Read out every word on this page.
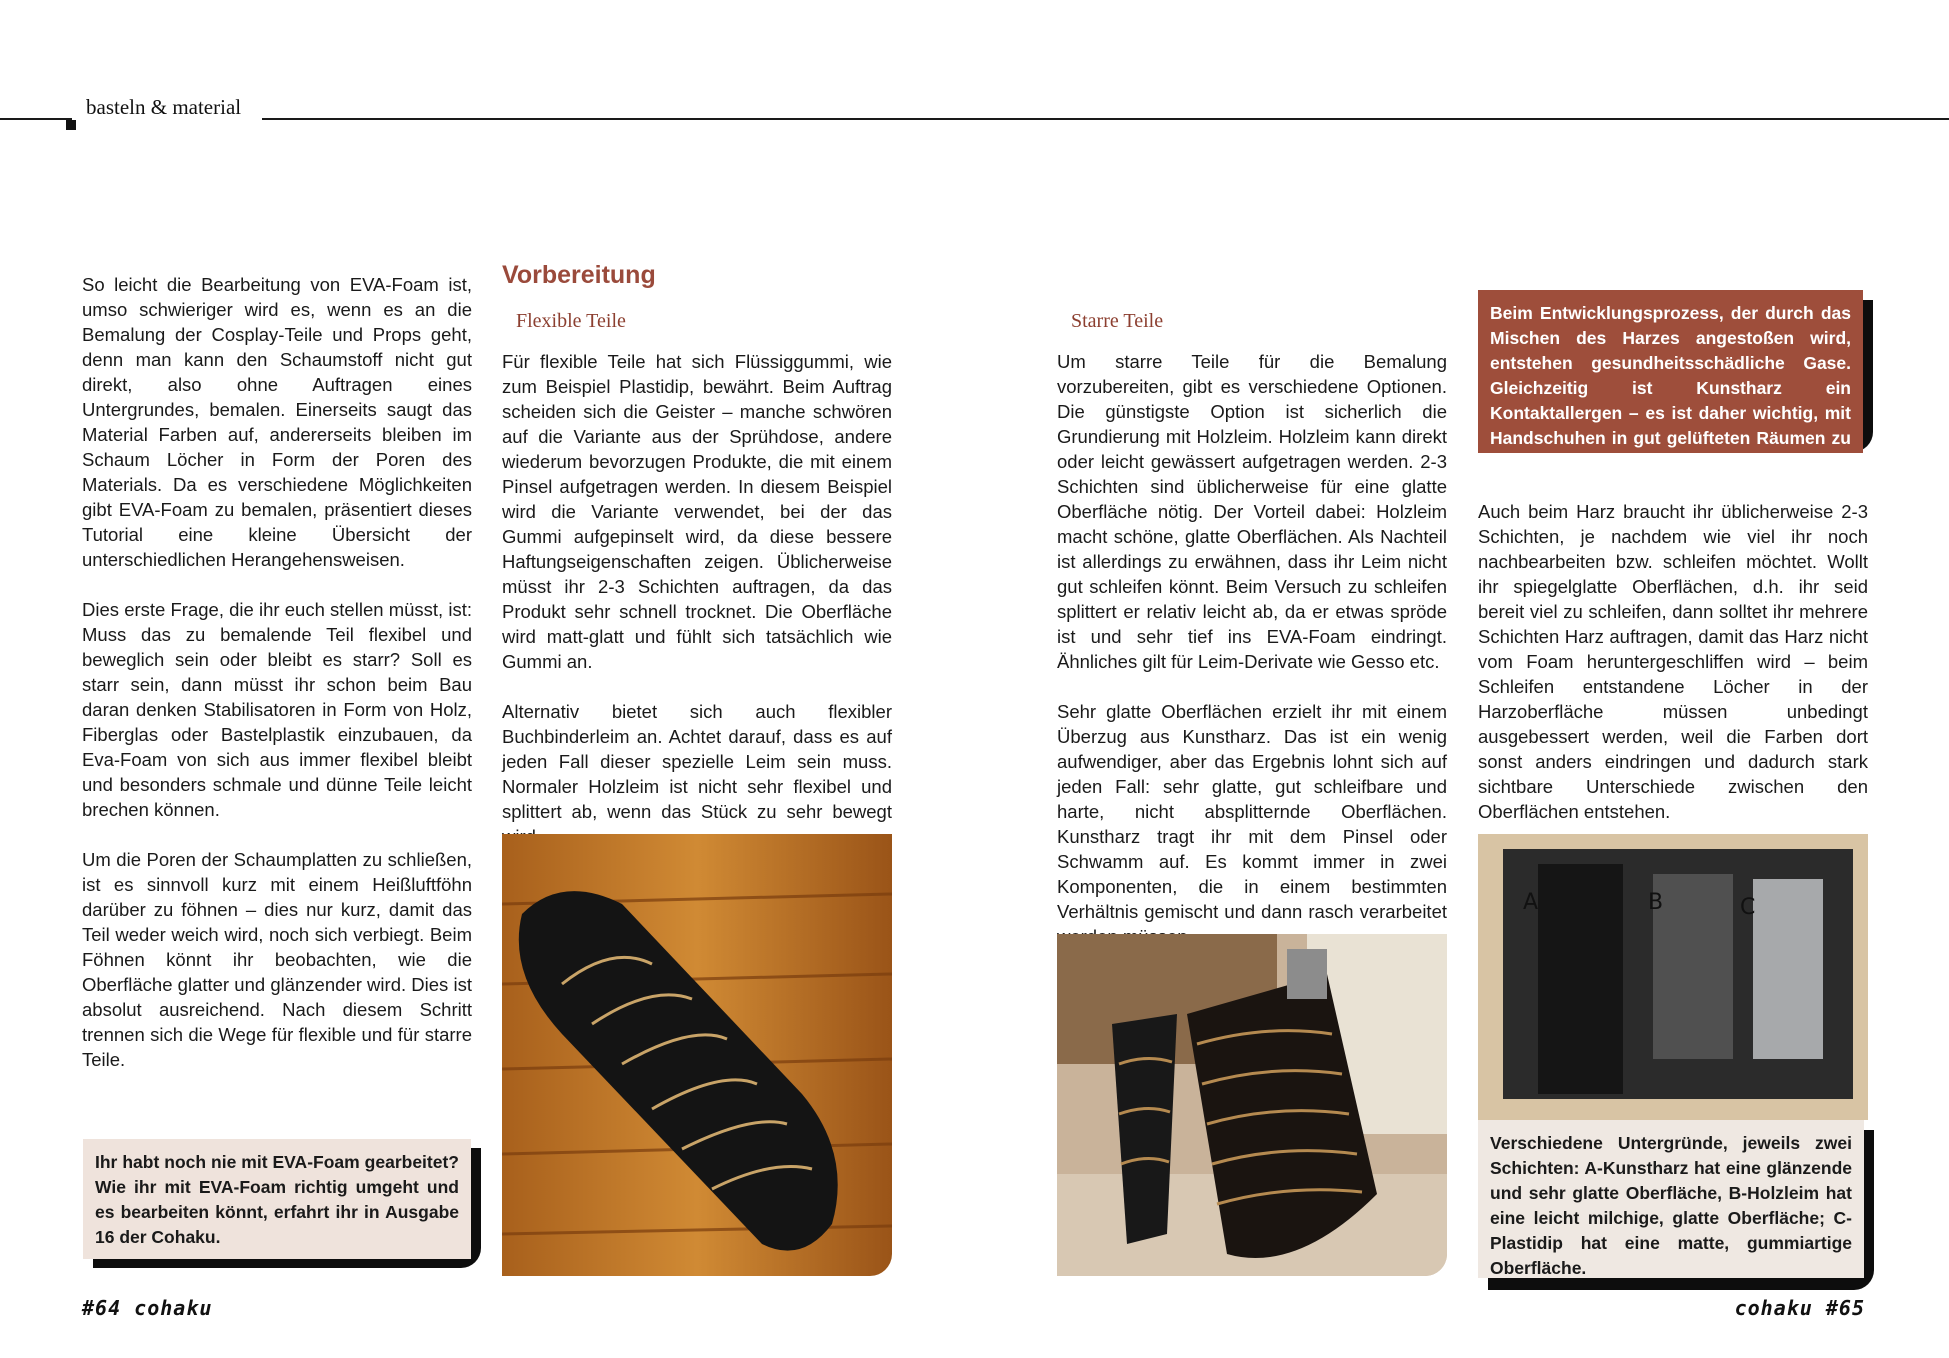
basteln & material

So leicht die Bearbeitung von EVA-Foam ist, umso schwieriger wird es, wenn es an die Bemalung der Cosplay-Teile und Props geht, denn man kann den Schaumstoff nicht gut direkt, also ohne Auftragen eines Untergrundes, bemalen. Einerseits saugt das Material Farben auf, andererseits bleiben im Schaum Löcher in Form der Poren des Materials. Da es verschiedene Möglichkeiten gibt EVA-Foam zu bemalen, präsentiert dieses Tutorial eine kleine Übersicht der unterschiedlichen Herangehensweisen.

Dies erste Frage, die ihr euch stellen müsst, ist: Muss das zu bemalende Teil flexibel und beweglich sein oder bleibt es starr? Soll es starr sein, dann müsst ihr schon beim Bau daran denken Stabilisatoren in Form von Holz, Fiberglas oder Bastelplastik einzubauen, da Eva-Foam von sich aus immer flexibel bleibt und besonders schmale und dünne Teile leicht brechen können.

Um die Poren der Schaumplatten zu schließen, ist es sinnvoll kurz mit einem Heißluftföhn darüber zu föhnen – dies nur kurz, damit das Teil weder weich wird, noch sich verbiegt. Beim Föhnen könnt ihr beobachten, wie die Oberfläche glatter und glänzender wird. Dies ist absolut ausreichend. Nach diesem Schritt trennen sich die Wege für flexible und für starre Teile.

Ihr habt noch nie mit EVA-Foam gearbeitet? Wie ihr mit EVA-Foam richtig umgeht und es bearbeiten könnt, erfahrt ihr in Ausgabe 16 der Cohaku.
Vorbereitung
Flexible Teile

Für flexible Teile hat sich Flüssiggummi, wie zum Beispiel Plastidip, bewährt. Beim Auftrag scheiden sich die Geister – manche schwören auf die Variante aus der Sprühdose, andere wiederum bevorzugen Produkte, die mit einem Pinsel aufgetragen werden. In diesem Beispiel wird die Variante verwendet, bei der das Gummi aufgepinselt wird, da diese bessere Haftungseigenschaften zeigen. Üblicherweise müsst ihr 2-3 Schichten auftragen, da das Produkt sehr schnell trocknet. Die Oberfläche wird matt-glatt und fühlt sich tatsächlich wie Gummi an.

Alternativ bietet sich auch flexibler Buchbinderleim an. Achtet darauf, dass es auf jeden Fall dieser spezielle Leim sein muss. Normaler Holzleim ist nicht sehr flexibel und splittert ab, wenn das Stück zu sehr bewegt

Starre Teile

Um starre Teile für die Bemalung vorzubereiten, gibt es verschiedene Optionen. Die günstigste Option ist sicherlich die Grundierung mit Holzleim. Holzleim kann direkt oder leicht gewässert aufgetragen werden. 2-3 Schichten sind üblicherweise für eine glatte Oberfläche nötig. Der Vorteil dabei: Holzleim macht schöne, glatte Oberflächen. Als Nachteil ist allerdings zu erwähnen, dass ihr Leim nicht gut schleifen könnt. Beim Versuch zu schleifen splittert er relativ leicht ab, da er etwas spröde ist und sehr tief ins EVA-Foam eindringt. Ähnliches gilt für Leim-Derivate wie Gesso etc.

Sehr glatte Oberflächen erzielt ihr mit einem Überzug aus Kunstharz. Das ist ein wenig aufwendiger, aber das Ergebnis lohnt sich auf jeden Fall: sehr glatte, gut schleifbare und harte, nicht absplitternde Oberflächen. Kunstharz tragt ihr mit dem Pinsel oder Schwamm auf. Es kommt immer in zwei Komponenten, die in einem bestimmten Verhältnis gemischt und dann rasch verarbeitet

Beim Entwicklungsprozess, der durch das Mischen des Harzes angestoßen wird, entstehen gesundheitsschädliche Gase. Gleichzeitig ist Kunstharz ein Kontaktallergen – es ist daher wichtig, mit Handschuhen in gut gelüfteten Räumen zu arbeiten.

Auch beim Harz braucht ihr üblicherweise 2-3 Schichten, je nachdem wie viel ihr noch nachbearbeiten bzw. schleifen möchtet. Wollt ihr spiegelglatte Oberflächen, d.h. ihr seid bereit viel zu schleifen, dann solltet ihr mehrere Schichten Harz auftragen, damit das Harz nicht vom Foam heruntergeschliffen wird – beim Schleifen entstandene Löcher in der Harzoberfläche müssen unbedingt ausgebessert werden, weil die Farben dort sonst anders eindringen und dadurch stark sichtbare Unterschiede zwischen den Oberflächen entstehen.

A	B	C
Verschiedene Untergründe, jeweils zwei Schichten: A-Kunstharz hat eine glänzende und sehr glatte Oberfläche, B-Holzleim hat eine leicht milchige, glatte Oberfläche; C-Plastidip hat eine matte, gummiartige Oberfläche.
#64 cohaku	cohaku #65
